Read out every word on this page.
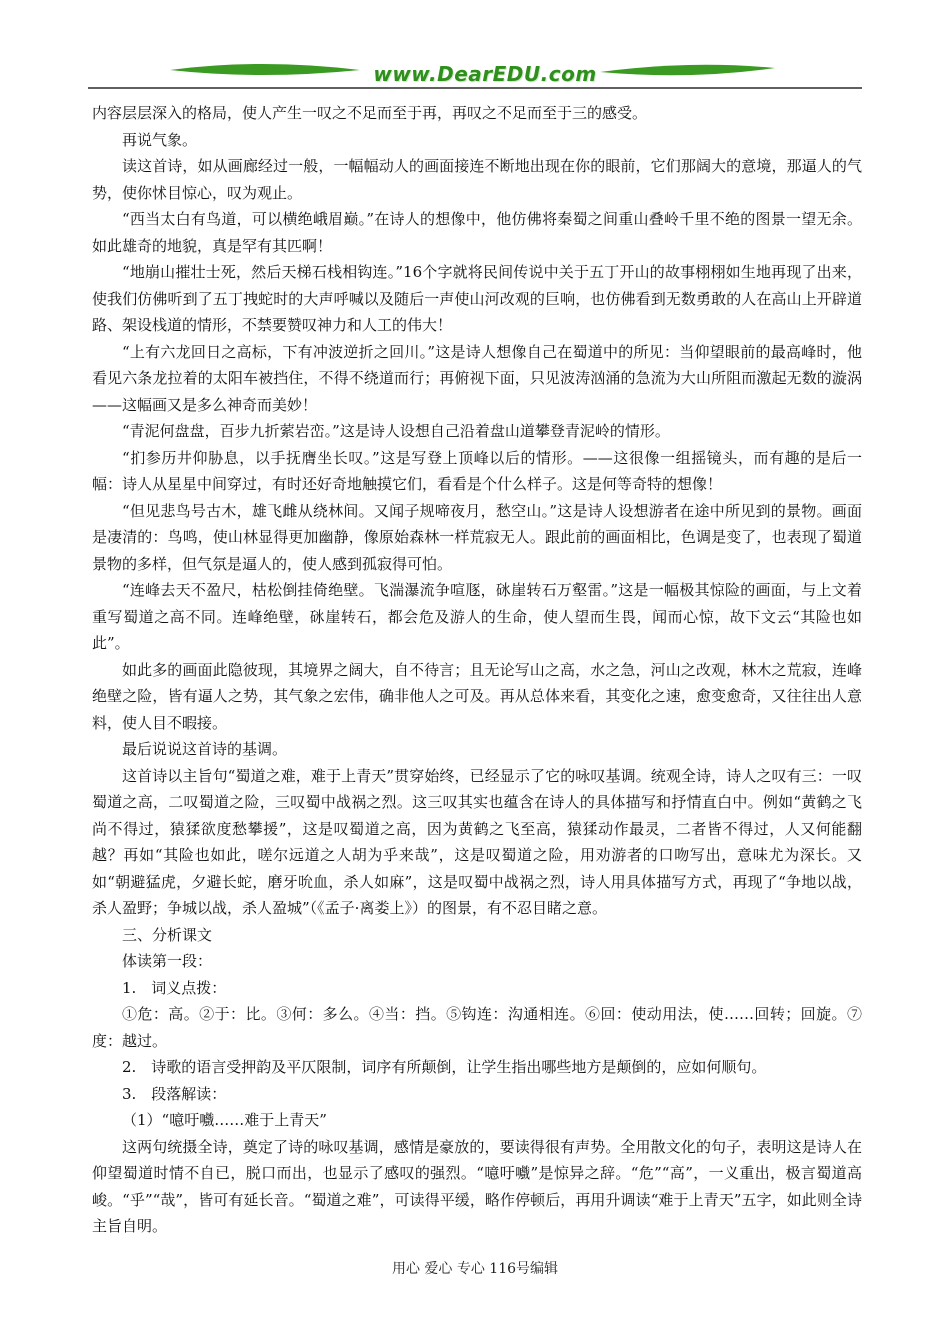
www.DearEDU.com

内容层层深入的格局，使人产生一叹之不足而至于再，再叹之不足而至于三的感受。

再说气象。

读这首诗，如从画廊经过一般，一幅幅动人的画面接连不断地出现在你的眼前，它们那阔大的意境，那逼人的气势，使你怵目惊心，叹为观止。

“西当太白有鸟道，可以横绝峨眉巅。”在诗人的想像中，他仿佛将秦蜀之间重山叠岭千里不绝的图景一望无余。如此雄奇的地貌，真是罕有其匹啊！

“地崩山摧壮士死，然后天梯石栈相钩连。”16个字就将民间传说中关于五丁开山的故事栩栩如生地再现了出来，使我们仿佛听到了五丁拽蛇时的大声呼喊以及随后一声使山河改观的巨响，也仿佛看到无数勇敢的人在高山上开辟道路、架设栈道的情形，不禁要赞叹神力和人工的伟大！

“上有六龙回日之高标，下有冲波逆折之回川。”这是诗人想像自己在蜀道中的所见：当仰望眼前的最高峰时，他看见六条龙拉着的太阳车被挡住，不得不绕道而行；再俯视下面，只见波涛汹涌的急流为大山所阻而激起无数的漩涡——这幅画又是多么神奇而美妙！

“青泥何盘盘，百步九折萦岩峦。”这是诗人设想自己沿着盘山道攀登青泥岭的情形。

“扪参历井仰胁息，以手抚膺坐长叹。”这是写登上顶峰以后的情形。——这很像一组摇镜头，而有趣的是后一幅：诗人从星星中间穿过，有时还好奇地触摸它们，看看是个什么样子。这是何等奇特的想像！

“但见悲鸟号古木，雄飞雌从绕林间。又闻子规啼夜月，愁空山。”这是诗人设想游者在途中所见到的景物。画面是凄清的：鸟鸣，使山林显得更加幽静，像原始森林一样荒寂无人。跟此前的画面相比，色调是变了，也表现了蜀道景物的多样，但气氛是逼人的，使人感到孤寂得可怕。

“连峰去天不盈尺，枯松倒挂倚绝壁。飞湍瀑流争喧豗，砯崖转石万壑雷。”这是一幅极其惊险的画面，与上文着重写蜀道之高不同。连峰绝壁，砯崖转石，都会危及游人的生命，使人望而生畏，闻而心惊，故下文云“其险也如此”。

如此多的画面此隐彼现，其境界之阔大，自不待言；且无论写山之高，水之急，河山之改观，林木之荒寂，连峰绝壁之险，皆有逼人之势，其气象之宏伟，确非他人之可及。再从总体来看，其变化之速，愈变愈奇，又往往出人意料，使人目不暇接。

最后说说这首诗的基调。

这首诗以主旨句“蜀道之难，难于上青天”贯穿始终，已经显示了它的咏叹基调。统观全诗，诗人之叹有三：一叹蜀道之高，二叹蜀道之险，三叹蜀中战祸之烈。这三叹其实也蕴含在诗人的具体描写和抒情直白中。例如“黄鹤之飞尚不得过，猿猱欲度愁攀援”，这是叹蜀道之高，因为黄鹤之飞至高，猿猱动作最灵，二者皆不得过，人又何能翻越？再如“其险也如此，嗟尔远道之人胡为乎来哉”，这是叹蜀道之险，用劝游者的口吻写出，意味尤为深长。又如“朝避猛虎，夕避长蛇，磨牙吮血，杀人如麻”，这是叹蜀中战祸之烈，诗人用具体描写方式，再现了“争地以战，杀人盈野；争城以战，杀人盈城”（《孟子·离娄上》）的图景，有不忍目睹之意。

三、分析课文

体读第一段：

1.　词义点拨：

①危：高。②于：比。③何：多么。④当：挡。⑤钩连：沟通相连。⑥回：使动用法，使……回转；回旋。⑦度：越过。

2.　诗歌的语言受押韵及平仄限制，词序有所颠倒，让学生指出哪些地方是颠倒的，应如何顺句。

3.　段落解读：

（1）“噫吁嚱……难于上青天”

这两句统摄全诗，奠定了诗的咏叹基调，感情是豪放的，要读得很有声势。全用散文化的句子，表明这是诗人在仰望蜀道时情不自已，脱口而出，也显示了感叹的强烈。“噫吁嚱”是惊异之辞。“危”“高”，一义重出，极言蜀道高峻。“乎”“哉”，皆可有延长音。“蜀道之难”，可读得平缓，略作停顿后，再用升调读“难于上青天”五字，如此则全诗主旨自明。

用心 爱心 专心 116号编辑
